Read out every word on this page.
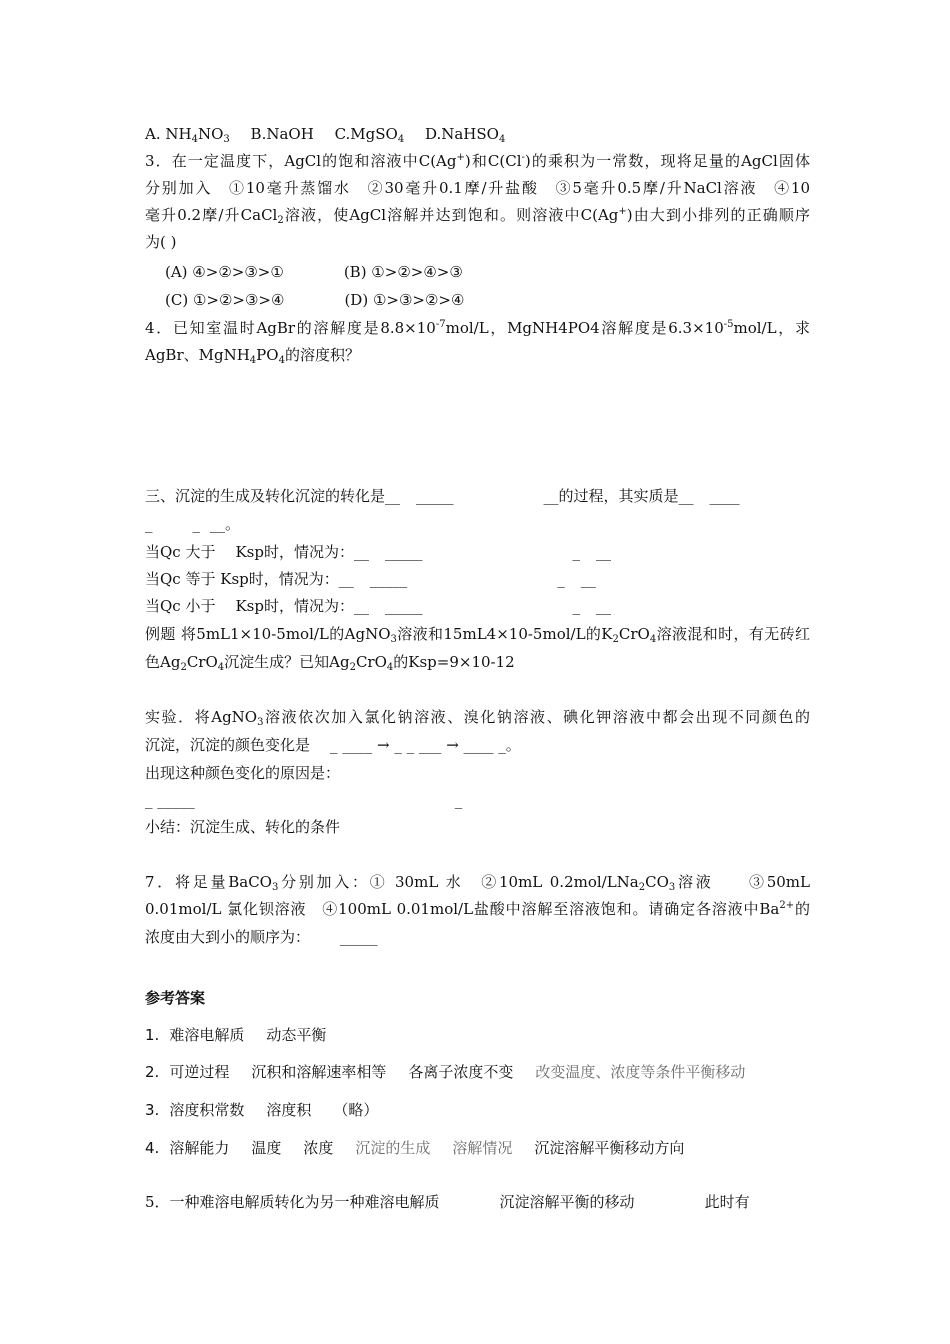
A. $NH_4NO_3$ B.NaOH C.MgSO$_4$ D.NaHSO$_4$
3．在一定温度下，AgCl的饱和溶液中C(Ag+)和C(Cl-)的乘积为一常数，现将足量的AgCl固体
分别加入　①10毫升蒸馏水　②30毫升0.1摩/升盐酸　③5毫升0.5摩/升NaCl溶液　④10
毫升0.2摩/升CaCl$_2$溶液，使AgCl溶解并达到饱和。则溶液中C(Ag+)由大到小排列的正确顺序
为( )
(A) ④>②>③>①	(B) ①>②>④>③
(C) ①>②>③>④	(D) ①>③>②>④
4．已知室温时AgBr的溶解度是$8.8\times 10^{-7}mol/L$，MgNH4PO4溶解度是$6.3\times 10^{-5}mol/L$，求
AgBr、$MgNH_4PO_4$的溶度积？
三、沉淀的生成及转化沉淀的转化是__ _____	__的过程，其实质是__ ____
_	_ __。
当Qc 大于 Ksp时，情况为：__ _____	_ __
当Qc 等于 Ksp时，情况为：__ _____	_ __
当Qc 小于 Ksp时，情况为：__ _____	_ __
例题 将5mL1×10-5mol/L的AgNO$_3$溶液和15mL4×10-5mol/L的$K_2CrO_4$溶液混和时，有无砖红
色$Ag_2CrO_4$沉淀生成？已知$Ag_2CrO_4$的Ksp=9×10-12
实验．将AgNO$_3$溶液依次加入氯化钠溶液、溴化钠溶液、碘化钾溶液中都会出现不同颜色的
沉淀，沉淀的颜色变化是 _ ____ → _ _ ___ → ____ _。
出现这种颜色变化的原因是：
_ _____	_
小结：沉淀生成、转化的条件
7．将足量BaCO$_3$分别加入：① 30mL 水　②10mL $0.2mol/LNa_2CO_3$溶液　　③50mL
0.01mol/L 氯化钡溶液　④100mL 0.01mol/L盐酸中溶解至溶液饱和。请确定各溶液中$Ba^{2+}$的
浓度由大到小的顺序为： _____
参考答案
1. 难溶电解质 动态平衡
2. 可逆过程 沉积和溶解速率相等 各离子浓度不变 改变温度、浓度等条件平衡移动
3. 溶度积常数 溶度积 （略）
4. 溶解能力 温度 浓度 沉淀的生成 溶解情况 沉淀溶解平衡移动方向
5．一种难溶电解质转化为另一种难溶电解质	沉淀溶解平衡的移动	此时有
